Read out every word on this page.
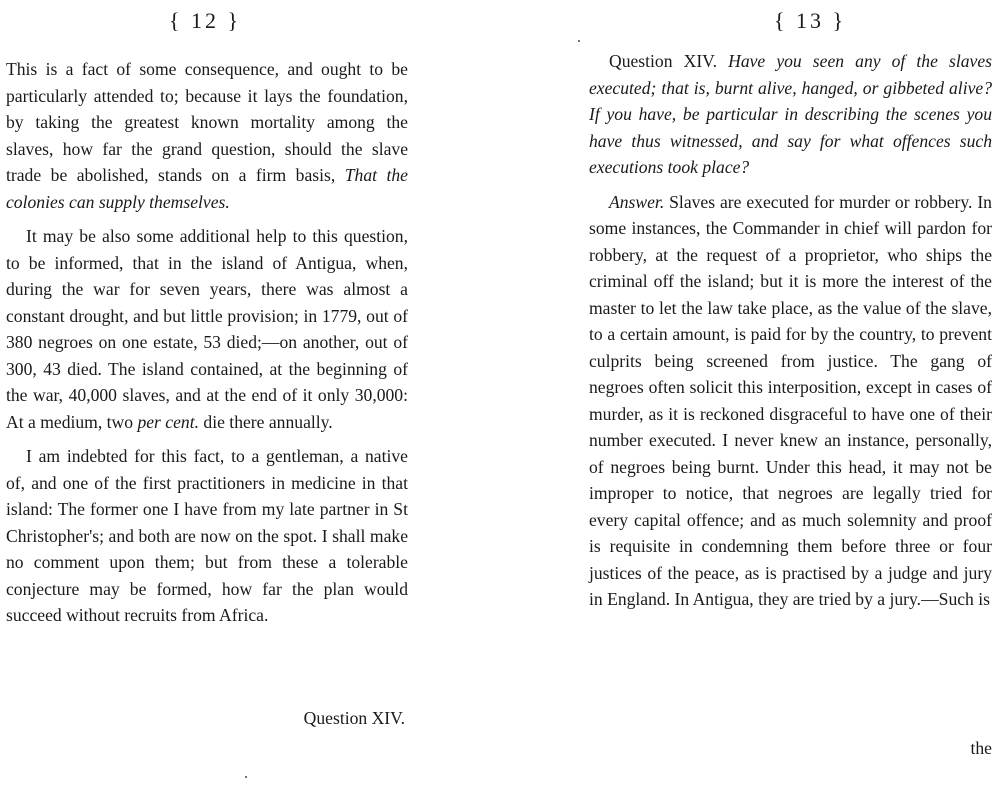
{ 12 }

This is a fact of some consequence, and ought to be particularly attended to; because it lays the foundation, by taking the greatest known mortality among the slaves, how far the grand question, should the slave trade be abolished, stands on a firm basis, That the colonies can supply themselves.

It may be also some additional help to this question, to be informed, that in the island of Antigua, when, during the war for seven years, there was almost a constant drought, and but little provision; in 1779, out of 380 negroes on one estate, 53 died;—on another, out of 300, 43 died. The island contained, at the beginning of the war, 40,000 slaves, and at the end of it only 30,000: At a medium, two per cent. die there annually.

I am indebted for this fact, to a gentleman, a native of, and one of the first practitioners in medicine in that island: The former one I have from my late partner in St Christopher's; and both are now on the spot. I shall make no comment upon them; but from these a tolerable conjecture may be formed, how far the plan would succeed without recruits from Africa.

Question XIV.
{ 13 }

Question XIV. Have you seen any of the slaves executed; that is, burnt alive, hanged, or gibbeted alive? If you have, be particular in describing the scenes you have thus witnessed, and say for what offences such executions took place?

Answer. Slaves are executed for murder or robbery. In some instances, the Commander in chief will pardon for robbery, at the request of a proprietor, who ships the criminal off the island; but it is more the interest of the master to let the law take place, as the value of the slave, to a certain amount, is paid for by the country, to prevent culprits being screened from justice. The gang of negroes often solicit this interposition, except in cases of murder, as it is reckoned disgraceful to have one of their number executed. I never knew an instance, personally, of negroes being burnt. Under this head, it may not be improper to notice, that negroes are legally tried for every capital offence; and as much solemnity and proof is requisite in condemning them before three or four justices of the peace, as is practised by a judge and jury in England. In Antigua, they are tried by a jury.—Such is

the
